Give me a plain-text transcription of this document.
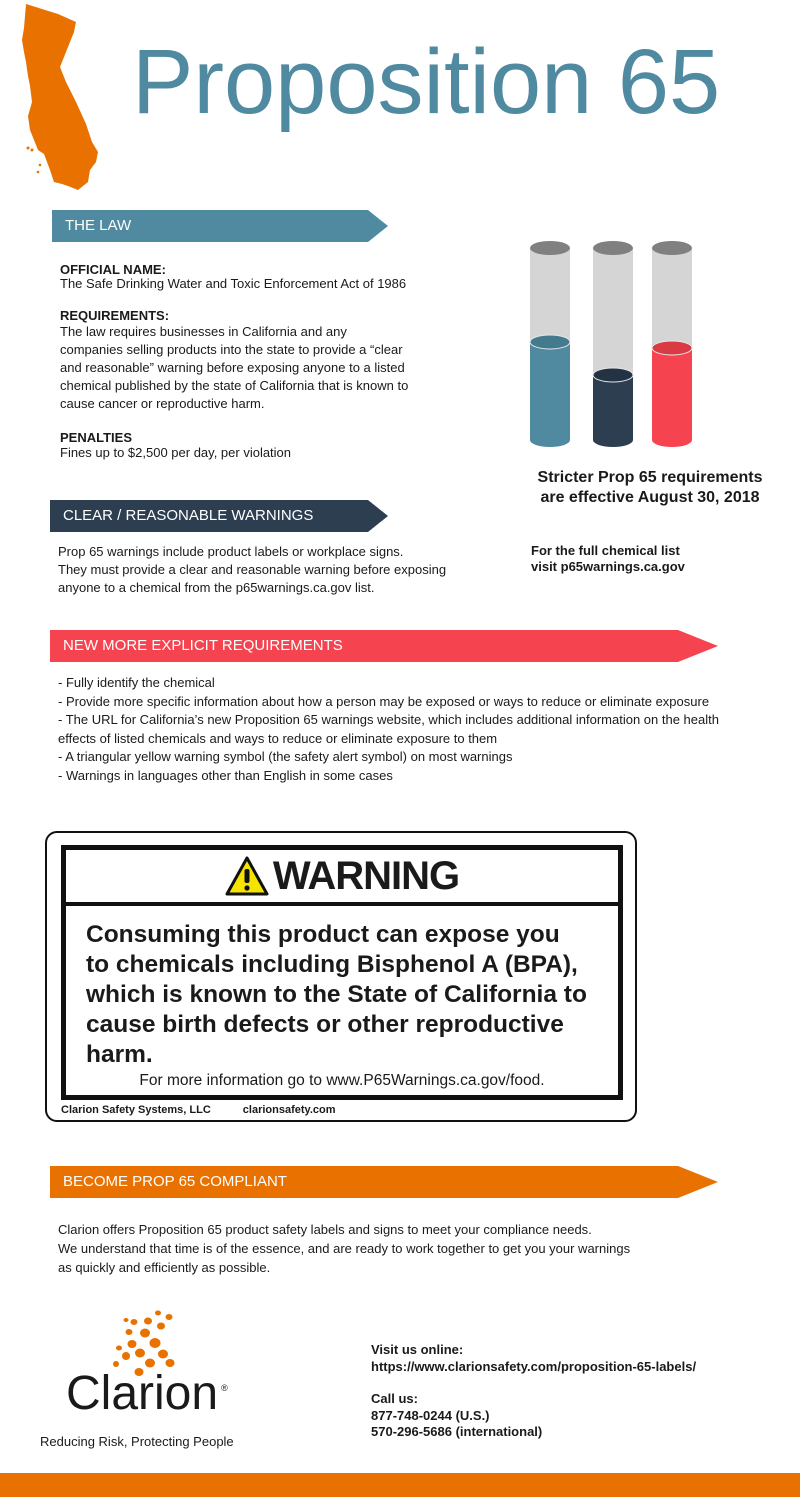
Proposition 65
THE LAW
OFFICIAL NAME:
The Safe Drinking Water and Toxic Enforcement Act of 1986
REQUIREMENTS:
The law requires businesses in California and any
companies selling products into the state to provide a “clear
and reasonable” warning before exposing anyone to a listed
chemical published by the state of California that is known to
cause cancer or reproductive harm.
PENALTIES
Fines up to $2,500 per day, per violation
Stricter Prop 65 requirements
are effective August 30, 2018
CLEAR / REASONABLE WARNINGS
Prop 65 warnings include product labels or workplace signs.
They must provide a clear and reasonable warning before exposing
anyone to a chemical from the p65warnings.ca.gov list.
For the full chemical list
visit p65warnings.ca.gov
NEW MORE EXPLICIT REQUIREMENTS
- Fully identify the chemical
- Provide more specific information about how a person may be exposed or ways to reduce or eliminate exposure
- The URL for California’s new Proposition 65 warnings website, which includes additional information on the health
effects of listed chemicals and ways to reduce or eliminate exposure to them
- A triangular yellow warning symbol (the safety alert symbol) on most warnings
- Warnings in languages other than English in some cases
WARNING
Consuming this product can expose you
to chemicals including Bisphenol A (BPA),
which is known to the State of California to
cause birth defects or other reproductive
harm.
For more information go to www.P65Warnings.ca.gov/food.
Clarion Safety Systems, LLC	clarionsafety.com
BECOME PROP 65 COMPLIANT
Clarion offers Proposition 65 product safety labels and signs to meet your compliance needs.
We understand that time is of the essence, and are ready to work together to get you your warnings
as quickly and efficiently as possible.
Clarion ®
Reducing Risk, Protecting People
Visit us online:
https://www.clarionsafety.com/proposition-65-labels/
Call us:
877-748-0244 (U.S.)
570-296-5686 (international)
